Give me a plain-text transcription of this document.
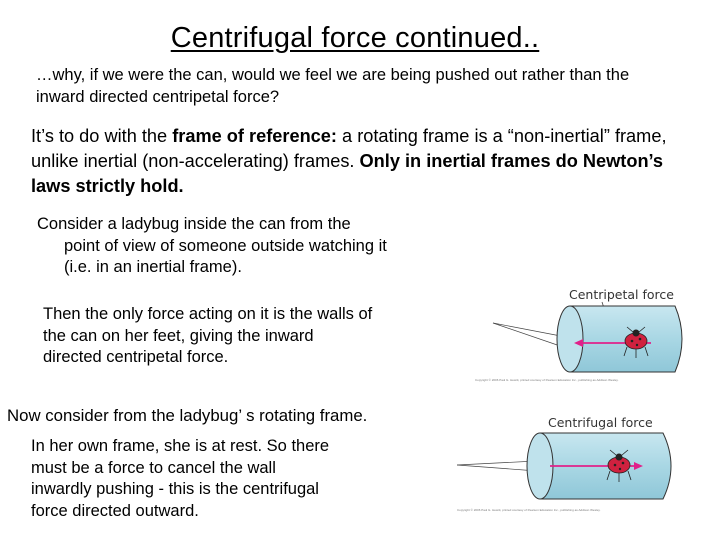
Centrifugal force continued..
…why, if we were the can, would we feel we are being pushed out rather than the inward directed centripetal force?
It’s to do with the frame of reference: a rotating frame is a “non-inertial” frame, unlike inertial (non-accelerating) frames. Only in inertial frames do Newton’s laws strictly hold.
Consider a ladybug inside the can from the
point of view of someone outside watching it (i.e. in an inertial frame).
Then the only force acting on it is the walls of the can on her feet, giving the inward directed centripetal force.
Now consider from the ladybug’ s rotating frame.
In her own frame, she is at rest. So there must be a force to cancel the wall inwardly pushing - this is the centrifugal force directed outward.
Centripetal force
Copyright © 2006 Paul G. Hewitt, printed courtesy of Pearson Education Inc., publishing as Addison Wesley.
Centrifugal force
Copyright © 2006 Paul G. Hewitt, printed courtesy of Pearson Education Inc., publishing as Addison Wesley.
